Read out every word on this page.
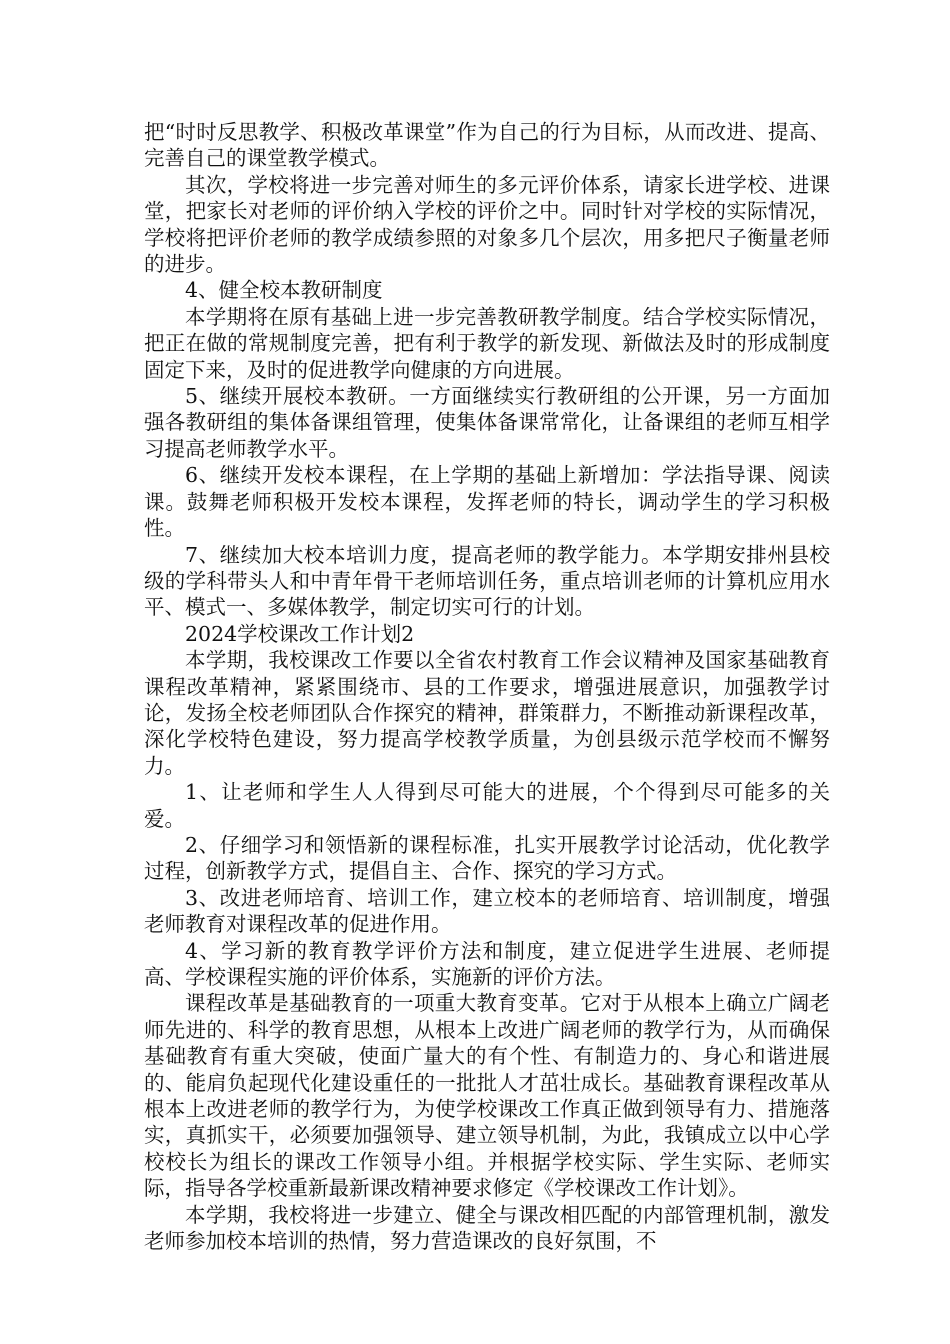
把“时时反思教学、积极改革课堂”作为自己的行为目标，从而改进、提高、完善自己的课堂教学模式。

其次，学校将进一步完善对师生的多元评价体系，请家长进学校、进课堂，把家长对老师的评价纳入学校的评价之中。同时针对学校的实际情况，学校将把评价老师的教学成绩参照的对象多几个层次，用多把尺子衡量老师的进步。

4、健全校本教研制度

本学期将在原有基础上进一步完善教研教学制度。结合学校实际情况，把正在做的常规制度完善，把有利于教学的新发现、新做法及时的形成制度固定下来，及时的促进教学向健康的方向进展。

5、继续开展校本教研。一方面继续实行教研组的公开课，另一方面加强各教研组的集体备课组管理，使集体备课常常化，让备课组的老师互相学习提高老师教学水平。

6、继续开发校本课程，在上学期的基础上新增加：学法指导课、阅读课。鼓舞老师积极开发校本课程，发挥老师的特长，调动学生的学习积极性。

7、继续加大校本培训力度，提高老师的教学能力。本学期安排州县校级的学科带头人和中青年骨干老师培训任务，重点培训老师的计算机应用水平、模式一、多媒体教学，制定切实可行的计划。

2024学校课改工作计划2

本学期，我校课改工作要以全省农村教育工作会议精神及国家基础教育课程改革精神，紧紧围绕市、县的工作要求，增强进展意识，加强教学讨论，发扬全校老师团队合作探究的精神，群策群力，不断推动新课程改革，深化学校特色建设，努力提高学校教学质量，为创县级示范学校而不懈努力。

1、让老师和学生人人得到尽可能大的进展，个个得到尽可能多的关爱。

2、仔细学习和领悟新的课程标准，扎实开展教学讨论活动，优化教学过程，创新教学方式，提倡自主、合作、探究的学习方式。

3、改进老师培育、培训工作，建立校本的老师培育、培训制度，增强老师教育对课程改革的促进作用。

4、学习新的教育教学评价方法和制度，建立促进学生进展、老师提高、学校课程实施的评价体系，实施新的评价方法。

课程改革是基础教育的一项重大教育变革。它对于从根本上确立广阔老师先进的、科学的教育思想，从根本上改进广阔老师的教学行为，从而确保基础教育有重大突破，使面广量大的有个性、有制造力的、身心和谐进展的、能肩负起现代化建设重任的一批批人才茁壮成长。基础教育课程改革从根本上改进老师的教学行为，为使学校课改工作真正做到领导有力、措施落实，真抓实干，必须要加强领导、建立领导机制，为此，我镇成立以中心学校校长为组长的课改工作领导小组。并根据学校实际、学生实际、老师实际，指导各学校重新最新课改精神要求修定《学校课改工作计划》。

本学期，我校将进一步建立、健全与课改相匹配的内部管理机制，激发老师参加校本培训的热情，努力营造课改的良好氛围，不
